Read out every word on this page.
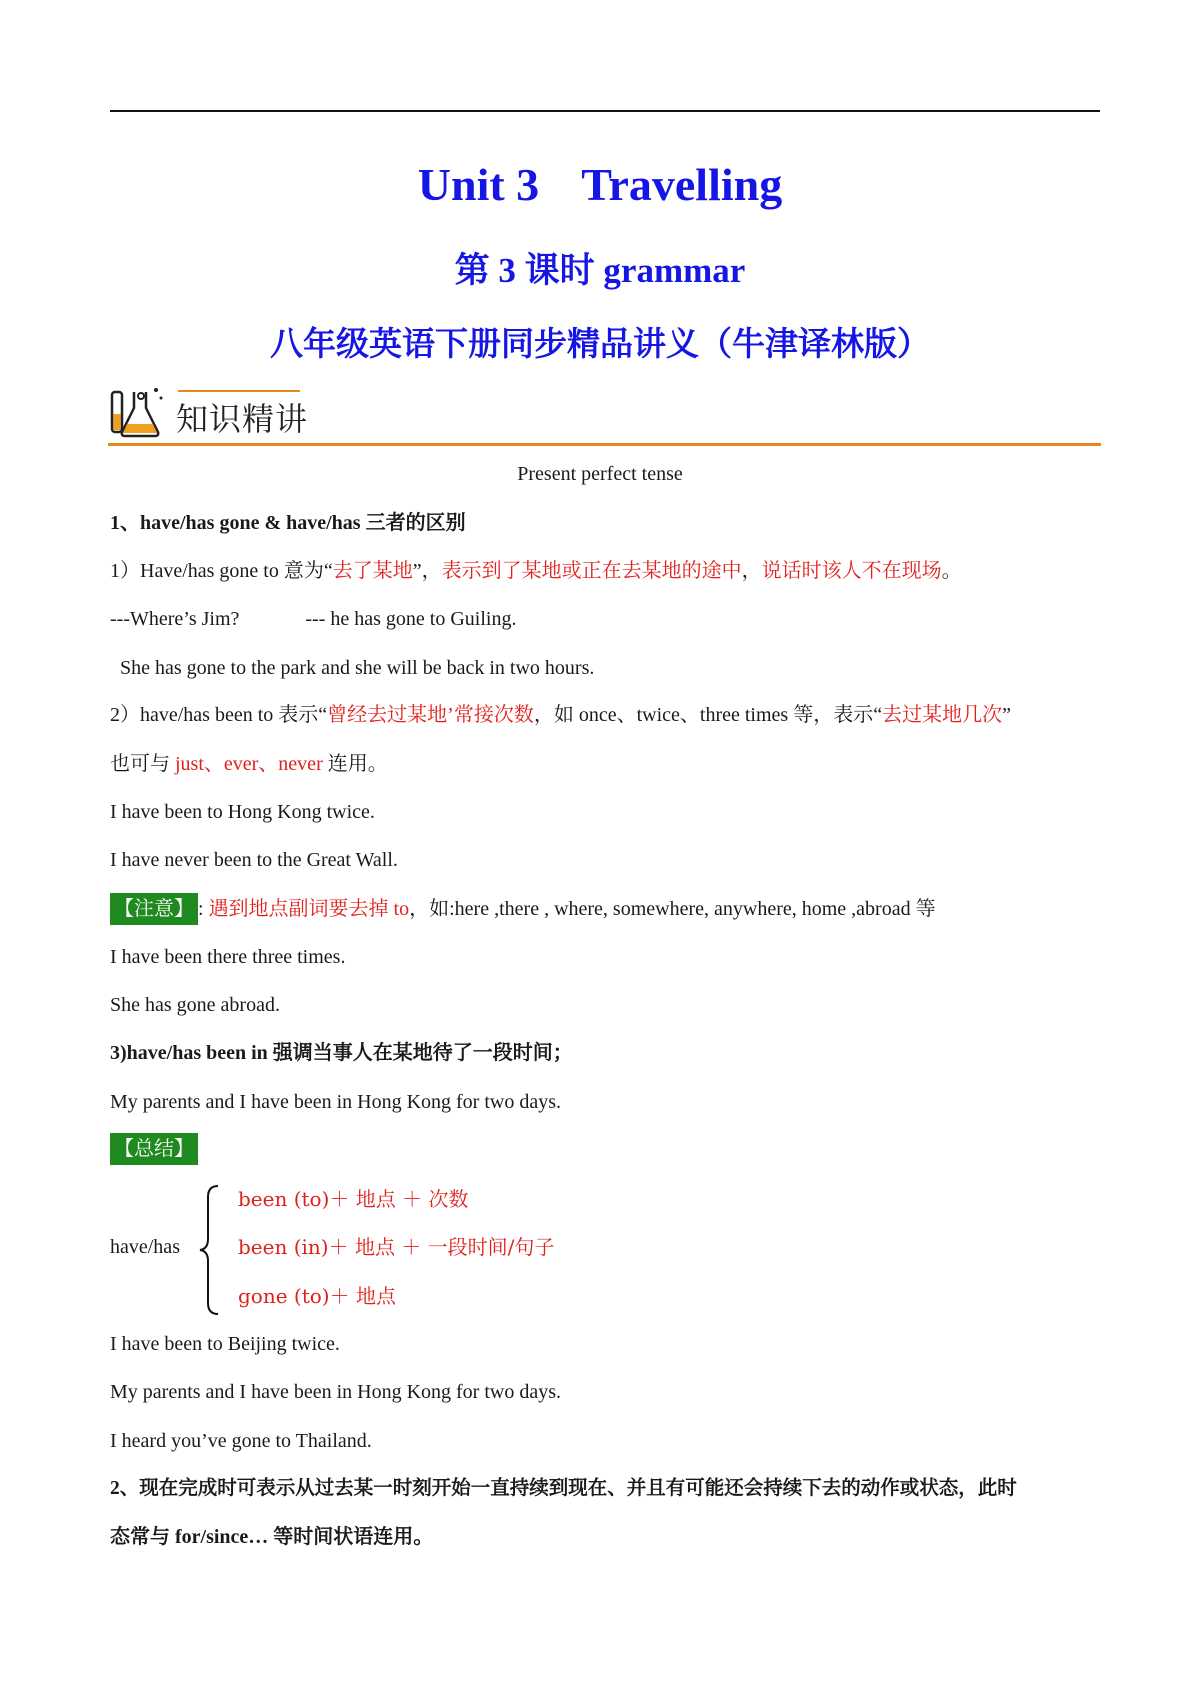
Unit 3 Travelling
第 3 课时 grammar
八年级英语下册同步精品讲义（牛津译林版）
知识精讲
Present perfect tense
1、have/has gone & have/has 三者的区别
1）Have/has gone to 意为“去了某地”，表示到了某地或正在去某地的途中，说话时该人不在现场。
---Where’s Jim?	--- he has gone to Guiling.
She has gone to the park and she will be back in two hours.
2）have/has been to 表示“曾经去过某地’常接次数，如 once、twice、three times 等，表示“去过某地几次”
也可与 just、ever、never 连用。
I have been to Hong Kong twice.
I have never been to the Great Wall.
【注意】 : 遇到地点副词要去掉 to，如:here ,there , where, somewhere, anywhere, home ,abroad 等
I have been there three times.
She has gone abroad.
3)have/has been in 强调当事人在某地待了一段时间；
My parents and I have been in Hong Kong for two days.
【总结】
have/has
been (to)＋ 地点 ＋ 次数
been (in)＋ 地点 ＋ 一段时间/句子
gone (to)＋ 地点
I have been to Beijing twice.
My parents and I have been in Hong Kong for two days.
I heard you’ve gone to Thailand.
2、现在完成时可表示从过去某一时刻开始一直持续到现在、并且有可能还会持续下去的动作或状态，此时
态常与 for/since… 等时间状语连用。
